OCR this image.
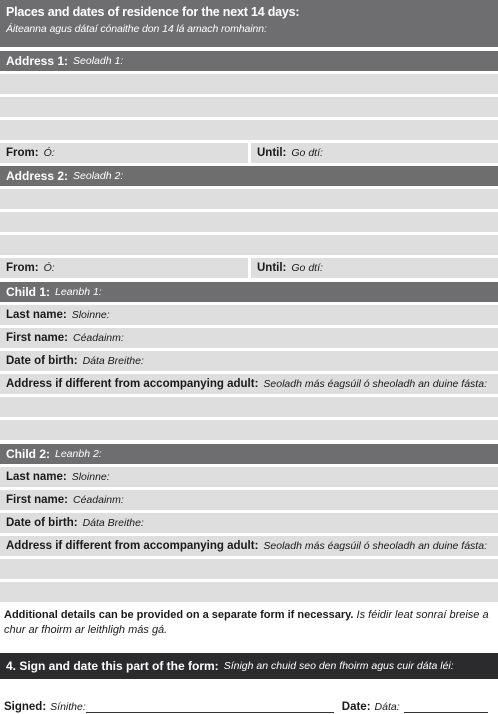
Places and dates of residence for the next 14 days:
Áiteanna agus dátaí cónaithe don 14 lá amach romhainn:
Address 1: Seoladh 1:
From: Ó:	Until: Go dtí:
Address 2: Seoladh 2:
From: Ó:	Until: Go dtí:
Child 1: Leanbh 1:
Last name: Sloinne:
First name: Céadainm:
Date of birth: Dáta Breithe:
Address if different from accompanying adult: Seoladh más éagsúil ó sheoladh an duine fásta:
Child 2: Leanbh 2:
Last name: Sloinne:
First name: Céadainm:
Date of birth: Dáta Breithe:
Address if different from accompanying adult: Seoladh más éagsúil ó sheoladh an duine fásta:
Additional details can be provided on a separate form if necessary. Is féidir leat sonraí breise a chur ar fhoirm ar leithligh más gá.
4. Sign and date this part of the form: Sínigh an chuid seo den fhoirm agus cuir dáta léi:
Signed: Sínithe:	Date: Dáta:
